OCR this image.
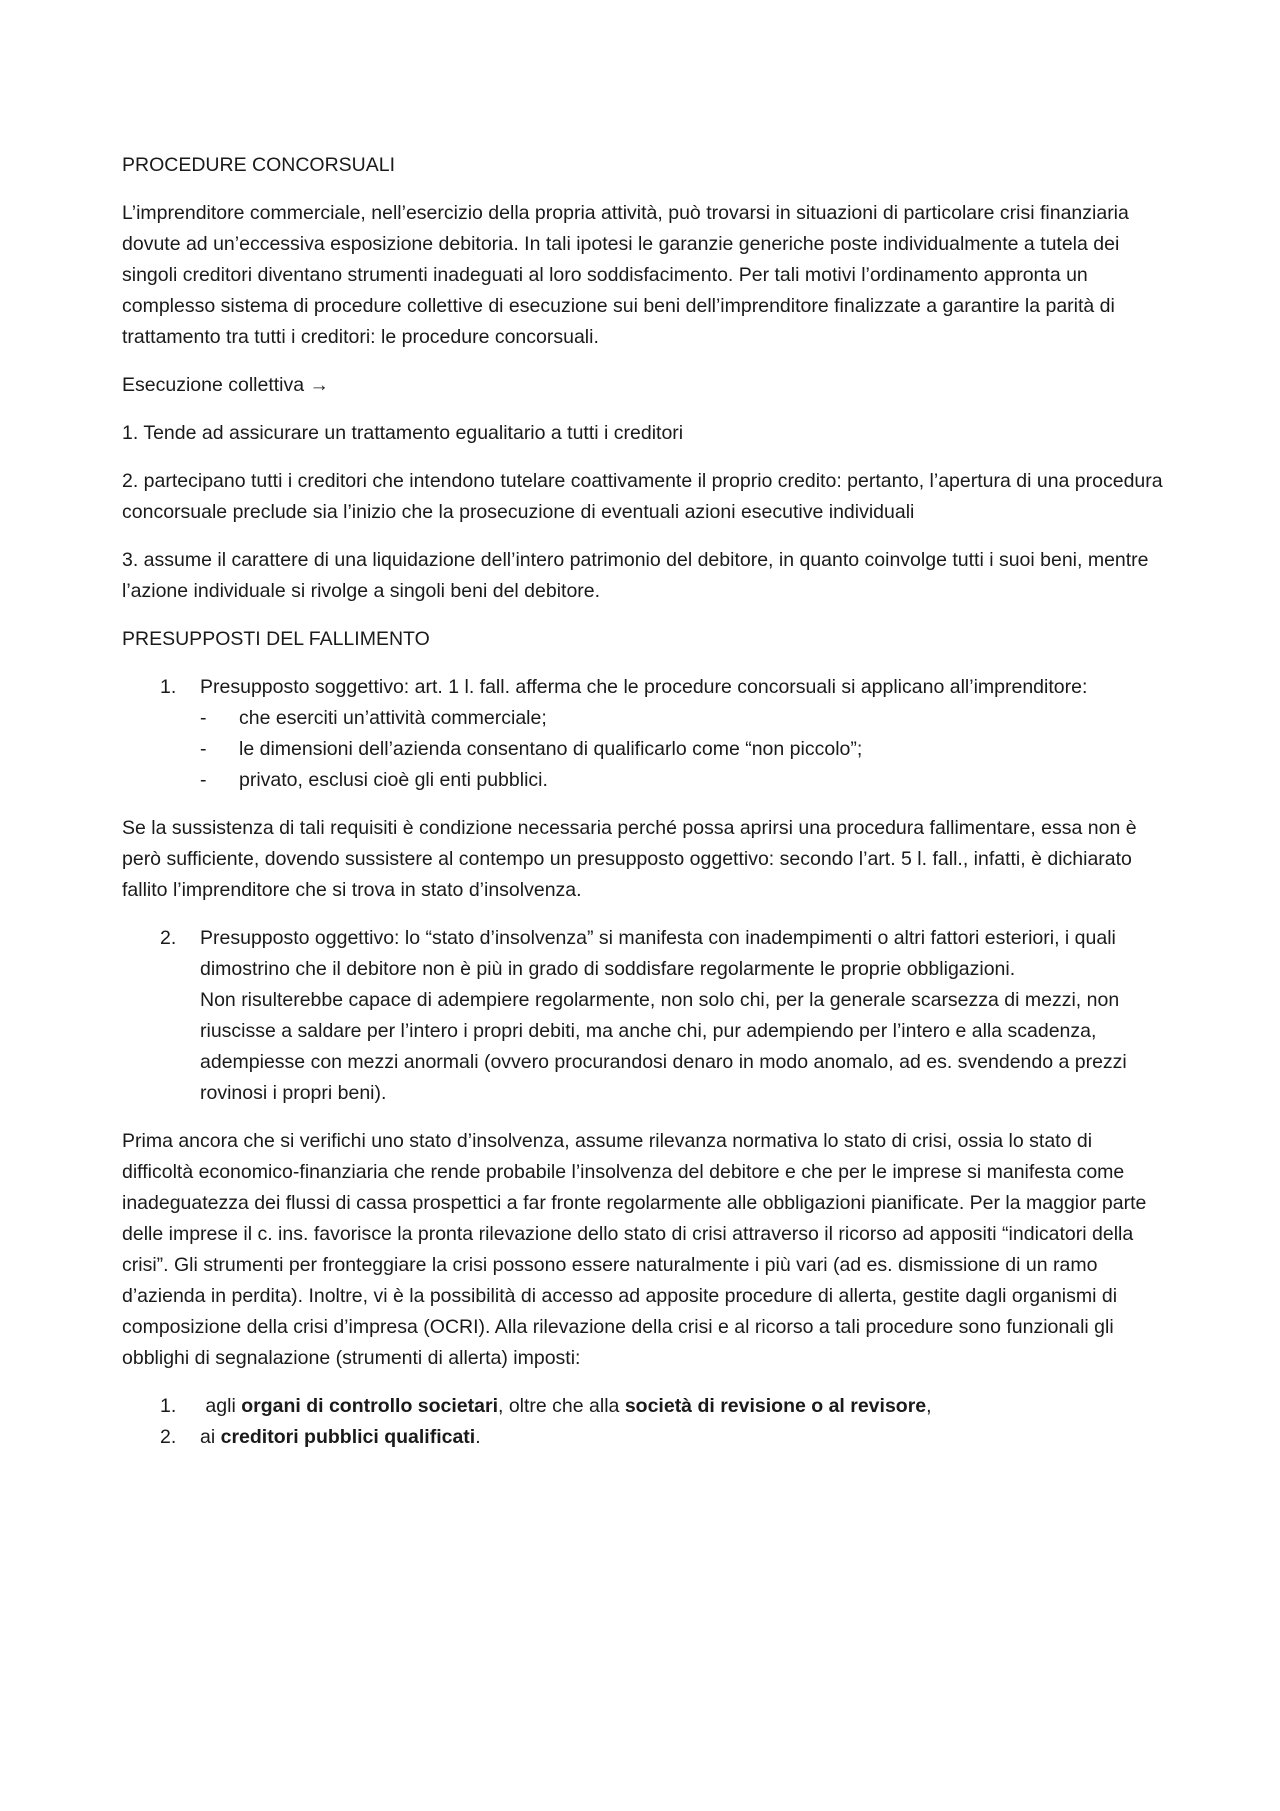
PROCEDURE CONCORSUALI

L’imprenditore commerciale, nell’esercizio della propria attività, può trovarsi in situazioni di particolare crisi finanziaria dovute ad un’eccessiva esposizione debitoria. In tali ipotesi le garanzie generiche poste individualmente a tutela dei singoli creditori diventano strumenti inadeguati al loro soddisfacimento. Per tali motivi l’ordinamento appronta un complesso sistema di procedure collettive di esecuzione sui beni dell’imprenditore finalizzate a garantire la parità di trattamento tra tutti i creditori: le procedure concorsuali.

Esecuzione collettiva →

1. Tende ad assicurare un trattamento egualitario a tutti i creditori

2. partecipano tutti i creditori che intendono tutelare coattivamente il proprio credito: pertanto, l’apertura di una procedura concorsuale preclude sia l’inizio che la prosecuzione di eventuali azioni esecutive individuali

3. assume il carattere di una liquidazione dell’intero patrimonio del debitore, in quanto coinvolge tutti i suoi beni, mentre l’azione individuale si rivolge a singoli beni del debitore.

PRESUPPOSTI DEL FALLIMENTO

1. Presupposto soggettivo: art. 1 l. fall. afferma che le procedure concorsuali si applicano all’imprenditore:
- che eserciti un’attività commerciale;
- le dimensioni dell’azienda consentano di qualificarlo come “non piccolo”;
- privato, esclusi cioè gli enti pubblici.

Se la sussistenza di tali requisiti è condizione necessaria perché possa aprirsi una procedura fallimentare, essa non è però sufficiente, dovendo sussistere al contempo un presupposto oggettivo: secondo l’art. 5 l. fall., infatti, è dichiarato fallito l’imprenditore che si trova in stato d’insolvenza.

2. Presupposto oggettivo: lo “stato d’insolvenza” si manifesta con inadempimenti o altri fattori esteriori, i quali dimostrino che il debitore non è più in grado di soddisfare regolarmente le proprie obbligazioni.
Non risulterebbe capace di adempiere regolarmente, non solo chi, per la generale scarsezza di mezzi, non riuscisse a saldare per l’intero i propri debiti, ma anche chi, pur adempiendo per l’intero e alla scadenza, adempiesse con mezzi anormali (ovvero procurandosi denaro in modo anomalo, ad es. svendendo a prezzi rovinosi i propri beni).

Prima ancora che si verifichi uno stato d’insolvenza, assume rilevanza normativa lo stato di crisi, ossia lo stato di difficoltà economico-finanziaria che rende probabile l’insolvenza del debitore e che per le imprese si manifesta come inadeguatezza dei flussi di cassa prospettici a far fronte regolarmente alle obbligazioni pianificate. Per la maggior parte delle imprese il c. ins. favorisce la pronta rilevazione dello stato di crisi attraverso il ricorso ad appositi “indicatori della crisi”. Gli strumenti per fronteggiare la crisi possono essere naturalmente i più vari (ad es. dismissione di un ramo d’azienda in perdita). Inoltre, vi è la possibilità di accesso ad apposite procedure di allerta, gestite dagli organismi di composizione della crisi d’impresa (OCRI). Alla rilevazione della crisi e al ricorso a tali procedure sono funzionali gli obblighi di segnalazione (strumenti di allerta) imposti:

1. agli organi di controllo societari, oltre che alla società di revisione o al revisore,
2. ai creditori pubblici qualificati.
